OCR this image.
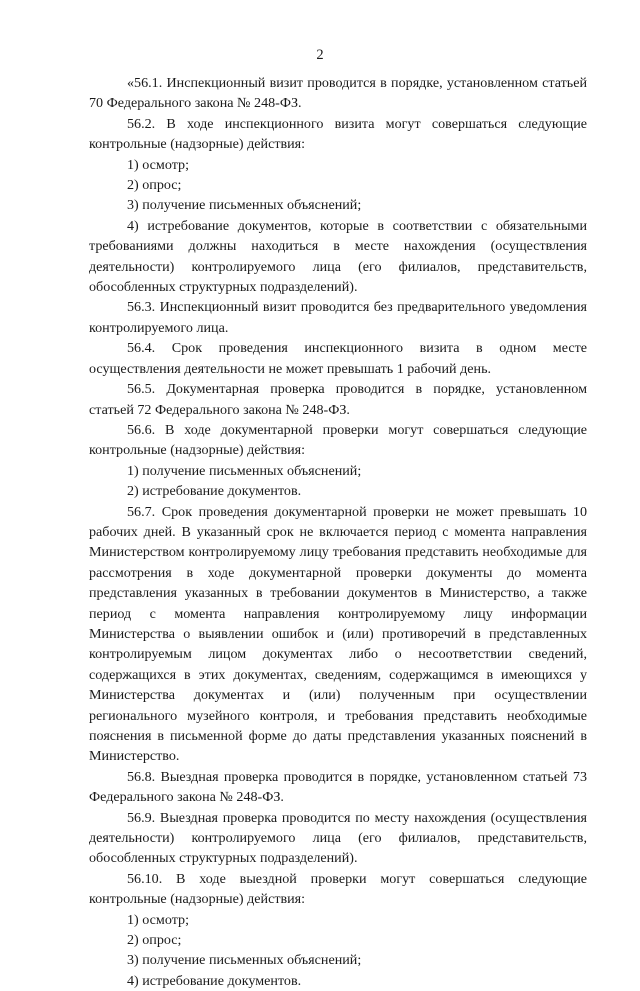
2

«56.1. Инспекционный визит проводится в порядке, установленном статьей 70 Федерального закона № 248-ФЗ.

56.2. В ходе инспекционного визита могут совершаться следующие контрольные (надзорные) действия:

1) осмотр;

2) опрос;

3) получение письменных объяснений;

4) истребование документов, которые в соответствии с обязательными требованиями должны находиться в месте нахождения (осуществления деятельности) контролируемого лица (его филиалов, представительств, обособленных структурных подразделений).

56.3. Инспекционный визит проводится без предварительного уведомления контролируемого лица.

56.4. Срок проведения инспекционного визита в одном месте осуществления деятельности не может превышать 1 рабочий день.

56.5. Документарная проверка проводится в порядке, установленном статьей 72 Федерального закона № 248-ФЗ.

56.6. В ходе документарной проверки могут совершаться следующие контрольные (надзорные) действия:

1) получение письменных объяснений;

2) истребование документов.

56.7. Срок проведения документарной проверки не может превышать 10 рабочих дней. В указанный срок не включается период с момента направления Министерством контролируемому лицу требования представить необходимые для рассмотрения в ходе документарной проверки документы до момента представления указанных в требовании документов в Министерство, а также период с момента направления контролируемому лицу информации Министерства о выявлении ошибок и (или) противоречий в представленных контролируемым лицом документах либо о несоответствии сведений, содержащихся в этих документах, сведениям, содержащимся в имеющихся у Министерства документах и (или) полученным при осуществлении регионального музейного контроля, и требования представить необходимые пояснения в письменной форме до даты представления указанных пояснений в Министерство.

56.8. Выездная проверка проводится в порядке, установленном статьей 73 Федерального закона № 248-ФЗ.

56.9. Выездная проверка проводится по месту нахождения (осуществления деятельности) контролируемого лица (его филиалов, представительств, обособленных структурных подразделений).

56.10. В ходе выездной проверки могут совершаться следующие контрольные (надзорные) действия:

1) осмотр;

2) опрос;

3) получение письменных объяснений;

4) истребование документов.
